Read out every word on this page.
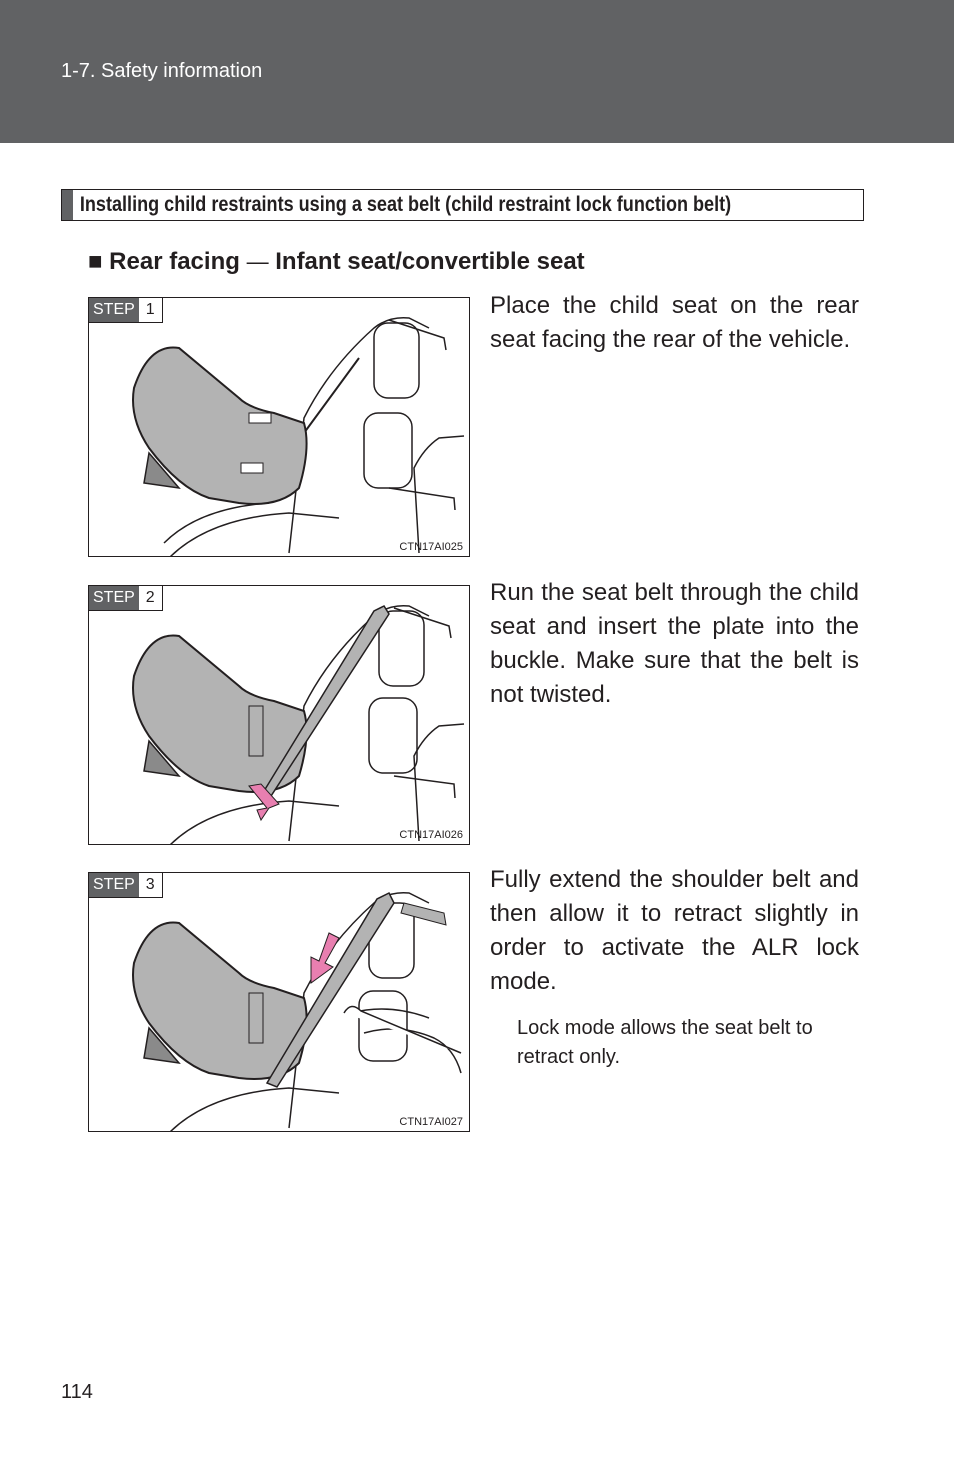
1-7. Safety information
Installing child restraints using a seat belt (child restraint lock function belt)
■ Rear facing — Infant seat/convertible seat
STEP 1
CTN17AI025
Place the child seat on the rear seat facing the rear of the vehicle.
STEP 2
CTN17AI026
Run the seat belt through the child seat and insert the plate into the buckle. Make sure that the belt is not twisted.
STEP 3
CTN17AI027
Fully extend the shoulder belt and then allow it to retract slightly in order to activate the ALR lock mode.
Lock mode allows the seat belt to retract only.
114
